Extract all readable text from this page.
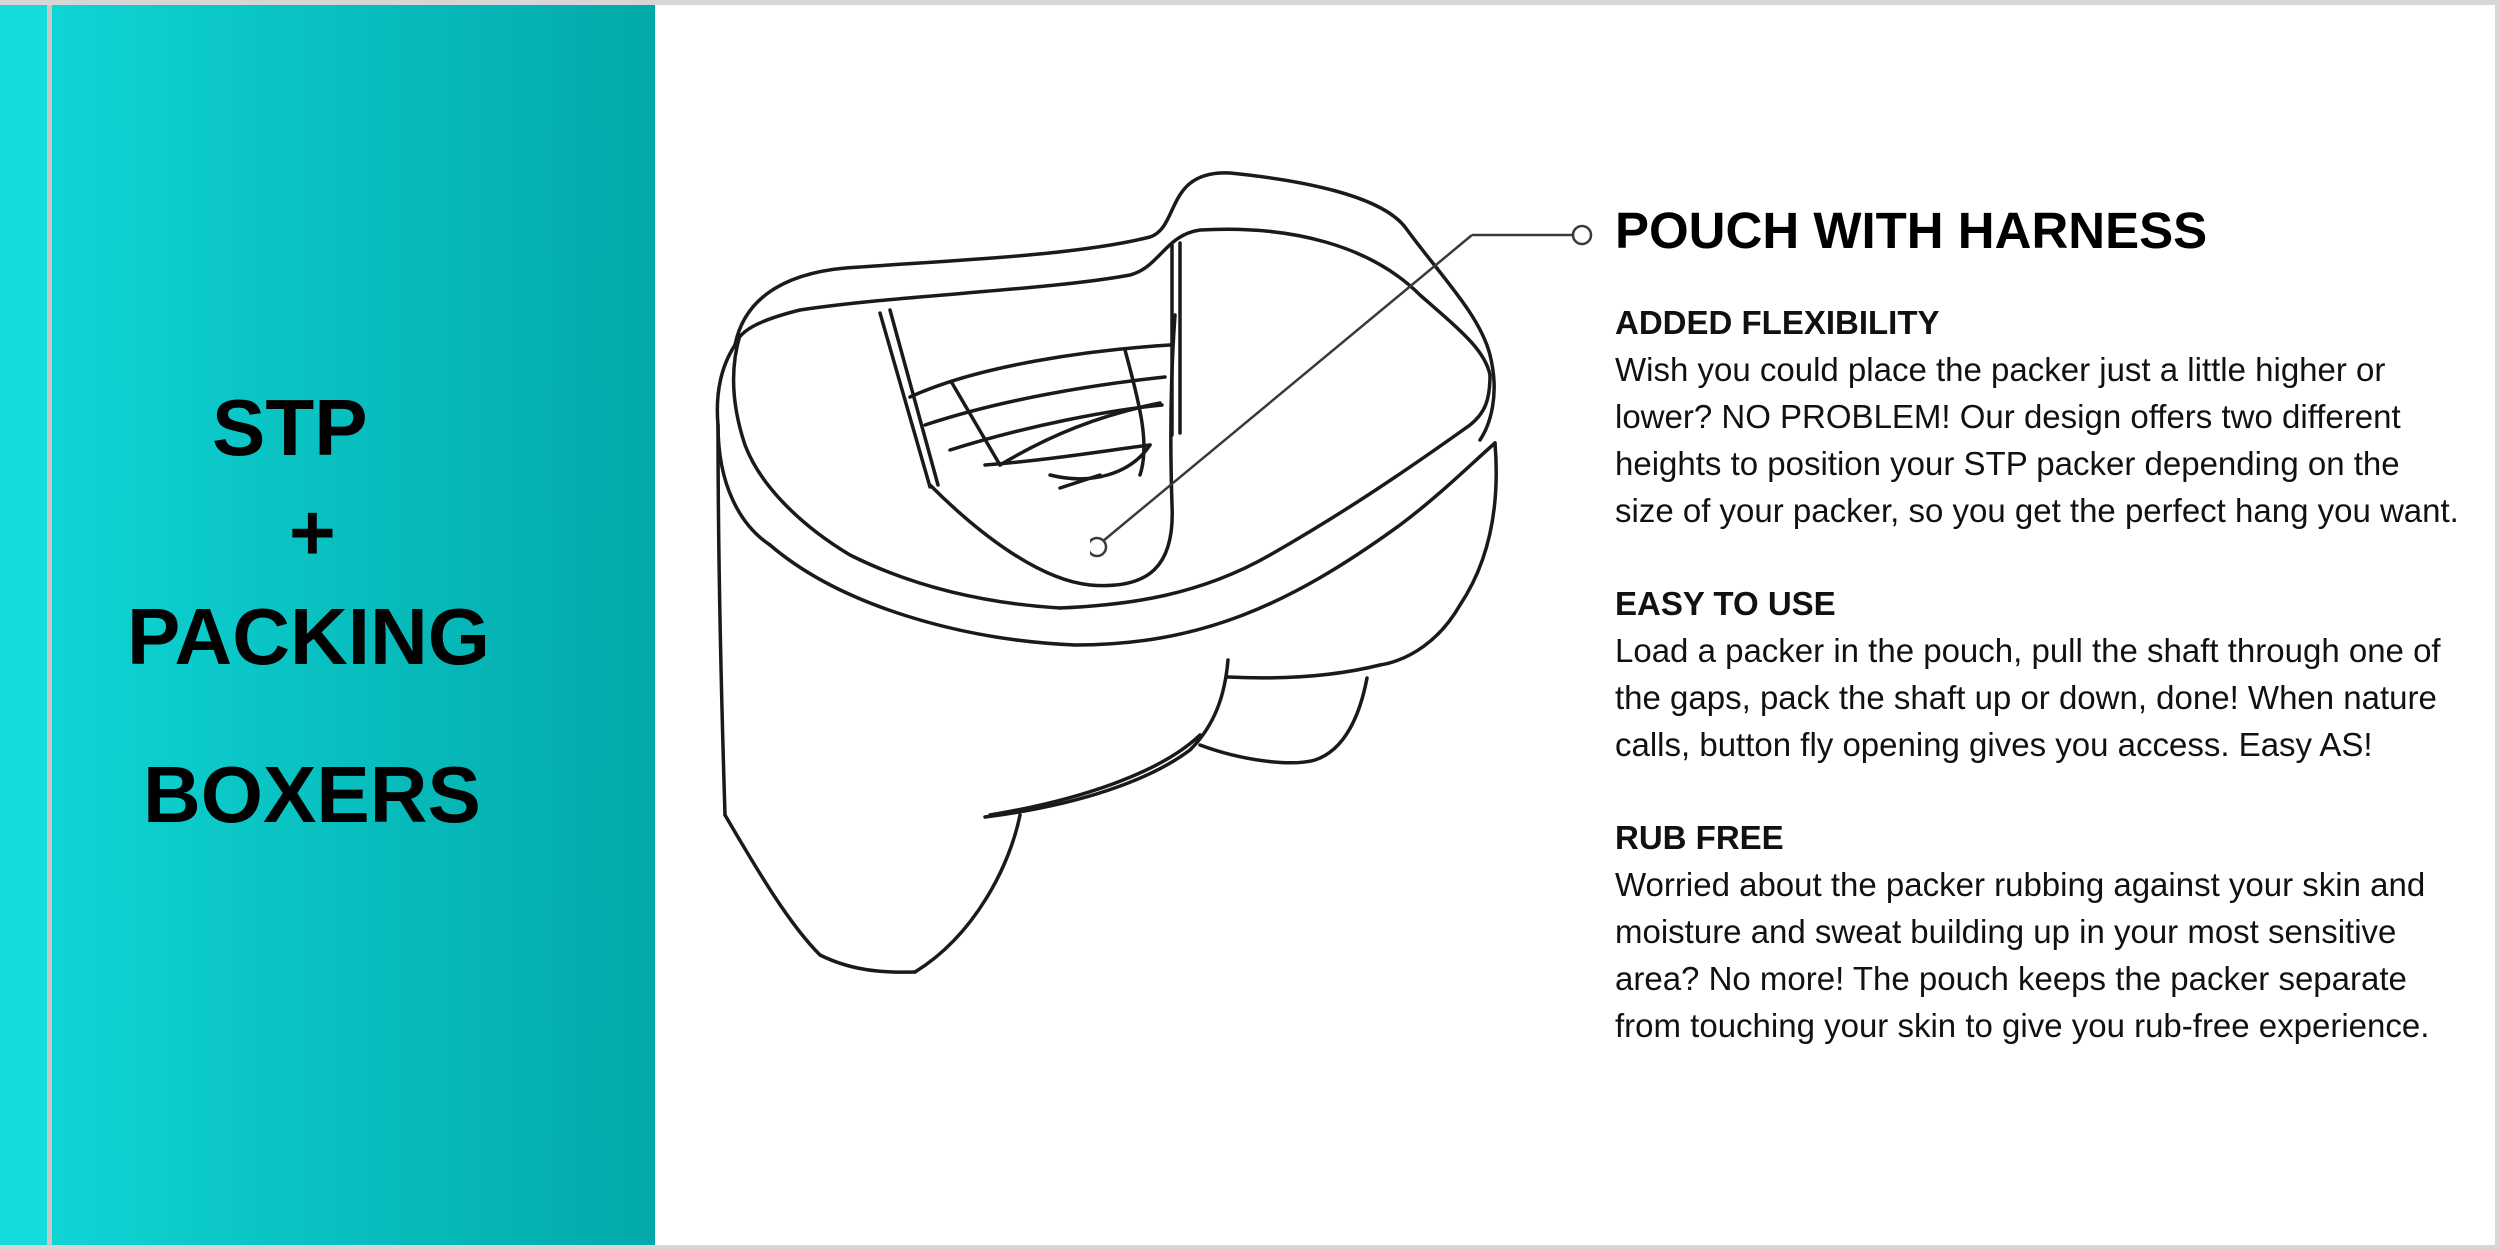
STP

+

PACKING

BOXERS

POUCH WITH HARNESS

ADDED FLEXIBILITY

Wish you could place the packer just a little higher or lower? NO PROBLEM! Our design offers two different heights to position your STP packer depending on the size of your packer, so you get the perfect hang you want.

EASY TO USE

Load a packer in the pouch, pull the shaft through one of the gaps, pack the shaft up or down, done! When nature calls, button fly opening gives you access. Easy AS!

RUB FREE

Worried about the packer rubbing against your skin and moisture and sweat building up in your most sensitive area? No more! The pouch keeps the packer separate from touching your skin to give you rub-free experience.
